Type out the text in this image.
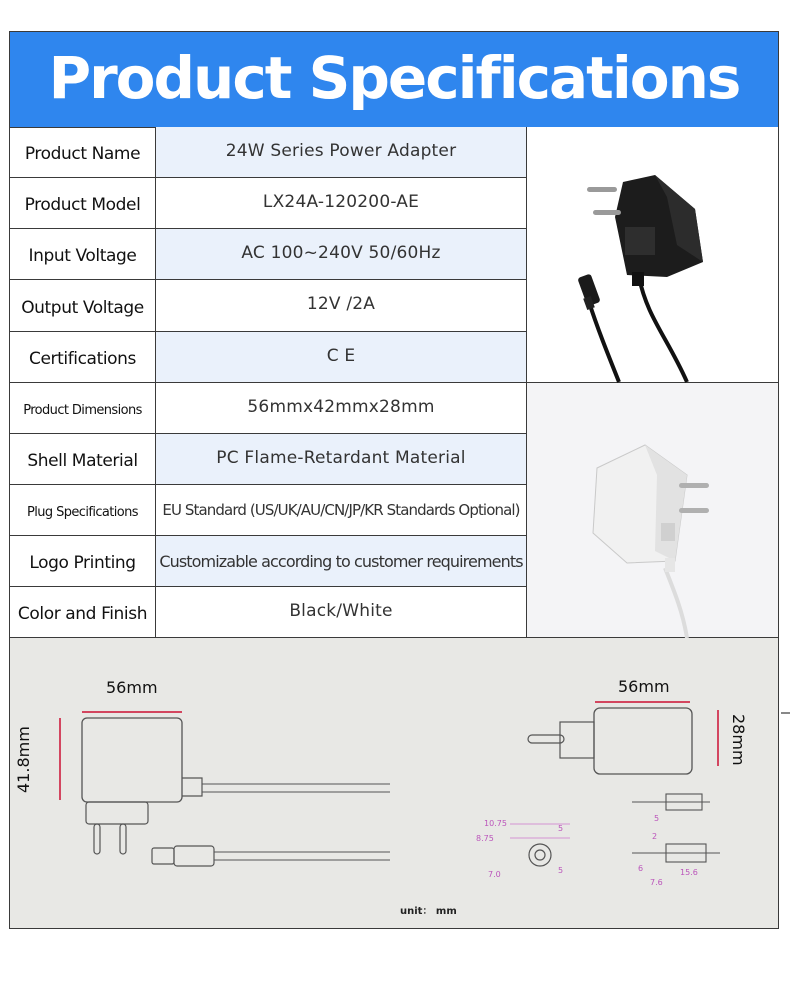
Product Specifications
Product Name	24W Series Power Adapter
Product Model	LX24A-120200-AE
Input Voltage	AC 100~240V 50/60Hz
Output Voltage	12V /2A
Certifications	C E
Product Dimensions	56mmx42mmx28mm
Shell Material	PC Flame-Retardant Material
Plug Specifications	EU Standard (US/UK/AU/CN/JP/KR Standards Optional)
Logo Printing	Customizable according to customer requirements
Color and Finish	Black/White
56mm
41.8mm
56mm
28mm
10.75
8.75
5
5
7.0
5
2
6	15.6
7.6
unit： mm
